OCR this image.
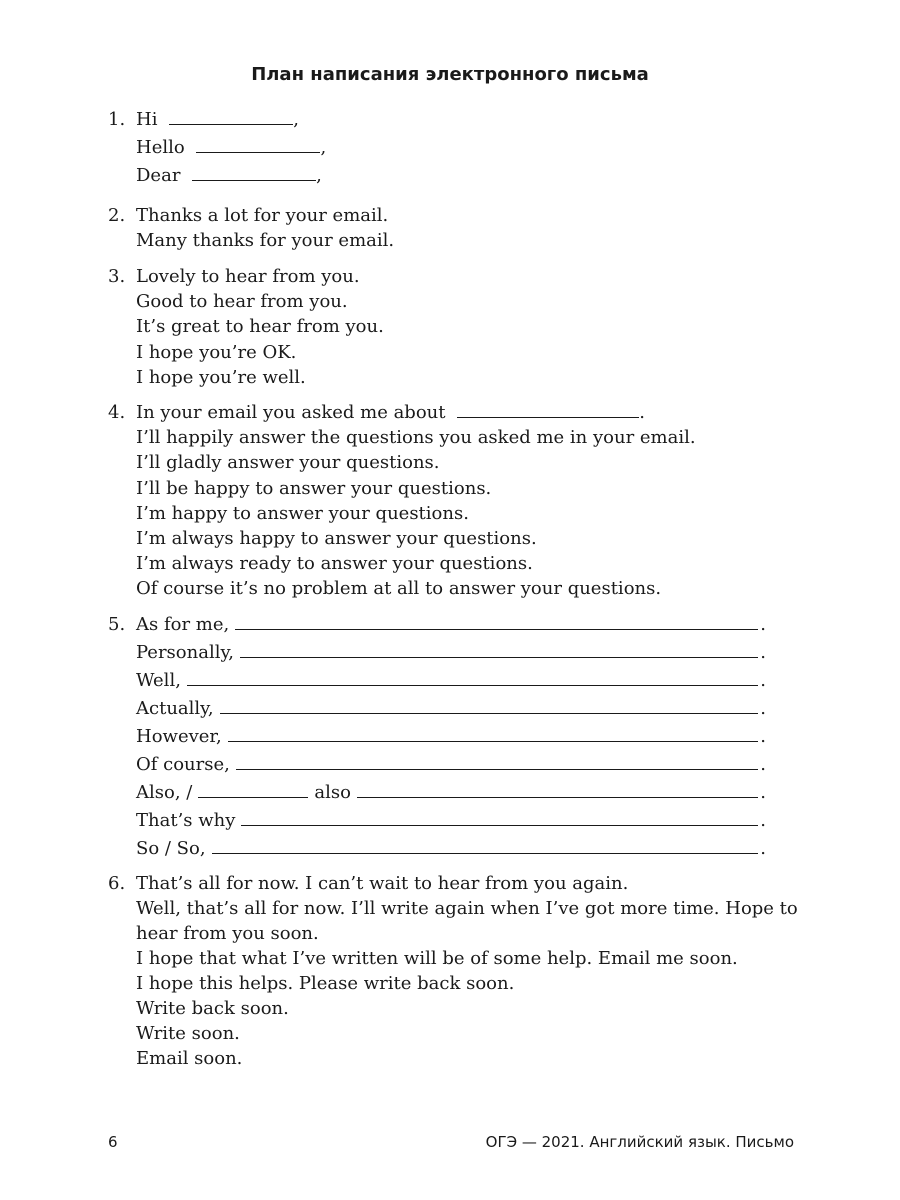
План написания электронного письма
1. Hi	,
Hello	,
Dear	,
2. Thanks a lot for your email.
Many thanks for your email.
3. Lovely to hear from you.
Good to hear from you.
It’s great to hear from you.
I hope you’re OK.
I hope you’re well.
4. In your email you asked me about	.
I’ll happily answer the questions you asked me in your email.
I’ll gladly answer your questions.
I’ll be happy to answer your questions.
I’m happy to answer your questions.
I’m always happy to answer your questions.
I’m always ready to answer your questions.
Of course it’s no problem at all to answer your questions.
5. As for me,	.
Personally,	.
Well,	.
Actually,	.
However,	.
Of course,	.
Also, /	also	.
That’s why	.
So / So,	.
6. That’s all for now. I can’t wait to hear from you again.
Well, that’s all for now. I’ll write again when I’ve got more time. Hope to
hear from you soon.
I hope that what I’ve written will be of some help. Email me soon.
I hope this helps. Please write back soon.
Write back soon.
Write soon.
Email soon.
6	ОГЭ — 2021. Английский язык. Письмо
